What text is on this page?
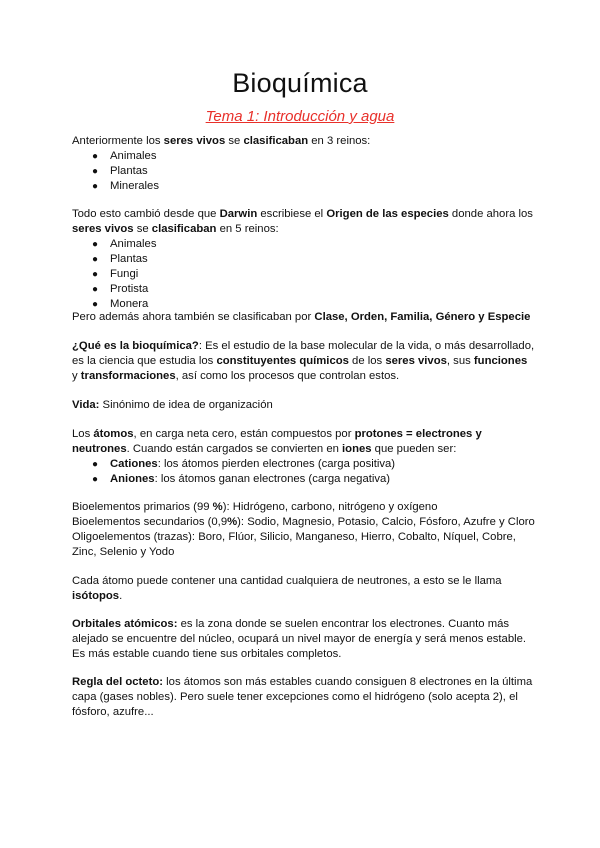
Bioquímica
Tema 1: Introducción y agua
Anteriormente los seres vivos se clasificaban en 3 reinos:
● Animales
● Plantas
● Minerales
Todo esto cambió desde que Darwin escribiese el Origen de las especies donde ahora los
seres vivos se clasificaban en 5 reinos:
● Animales
● Plantas
● Fungi
● Protista
● Monera
Pero además ahora también se clasificaban por Clase, Orden, Familia, Género y Especie
¿Qué es la bioquímica?: Es el estudio de la base molecular de la vida, o más desarrollado,
es la ciencia que estudia los constituyentes químicos de los seres vivos, sus funciones
y transformaciones, así como los procesos que controlan estos.
Vida: Sinónimo de idea de organización
Los átomos, en carga neta cero, están compuestos por protones = electrones y
neutrones. Cuando están cargados se convierten en iones que pueden ser:
● Cationes: los átomos pierden electrones (carga positiva)
● Aniones: los átomos ganan electrones (carga negativa)
Bioelementos primarios (99 %): Hidrógeno, carbono, nitrógeno y oxígeno
Bioelementos secundarios (0,9%): Sodio, Magnesio, Potasio, Calcio, Fósforo, Azufre y Cloro
Oligoelementos (trazas): Boro, Flúor, Silicio, Manganeso, Hierro, Cobalto, Níquel, Cobre,
Zinc, Selenio y Yodo
Cada átomo puede contener una cantidad cualquiera de neutrones, a esto se le llama
isótopos.
Orbitales atómicos: es la zona donde se suelen encontrar los electrones. Cuanto más
alejado se encuentre del núcleo, ocupará un nivel mayor de energía y será menos estable.
Es más estable cuando tiene sus orbitales completos.
Regla del octeto: los átomos son más estables cuando consiguen 8 electrones en la última
capa (gases nobles). Pero suele tener excepciones como el hidrógeno (solo acepta 2), el
fósforo, azufre...
